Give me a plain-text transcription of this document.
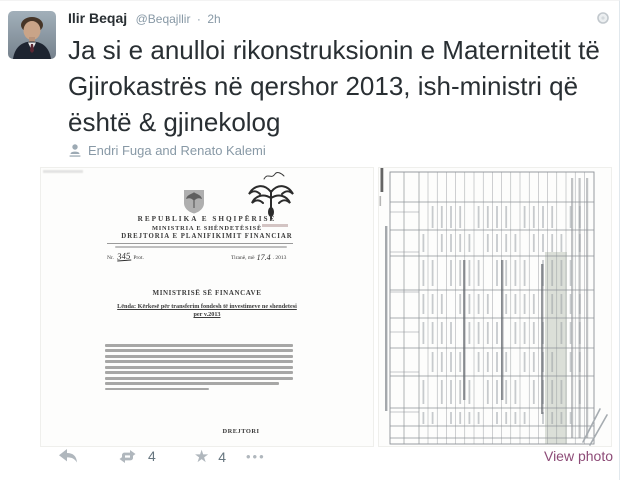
Ilir Beqaj @Beqajllir · 2h
Ja si e anulloi rikonstruksionin e Maternitetit të Gjirokastrës në qershor 2013, ish-ministri që është & gjinekolog
Endri Fuga and Renato Kalemi
REPUBLIKA E SHQIPËRISË
MINISTRIA E SHËNDETËSISË
DREJTORIA E PLANIFIKIMIT FINANCIAR
Nr. 345 Prot.	Tiranë, më 17.4 . 2013
MINISTRISË SË FINANCAVE
Lënda: Kërkesë për transferim fondesh të investimeve ne shendetesi
per v.2013
DREJTORI
4 ★ 4 •••	View photo
